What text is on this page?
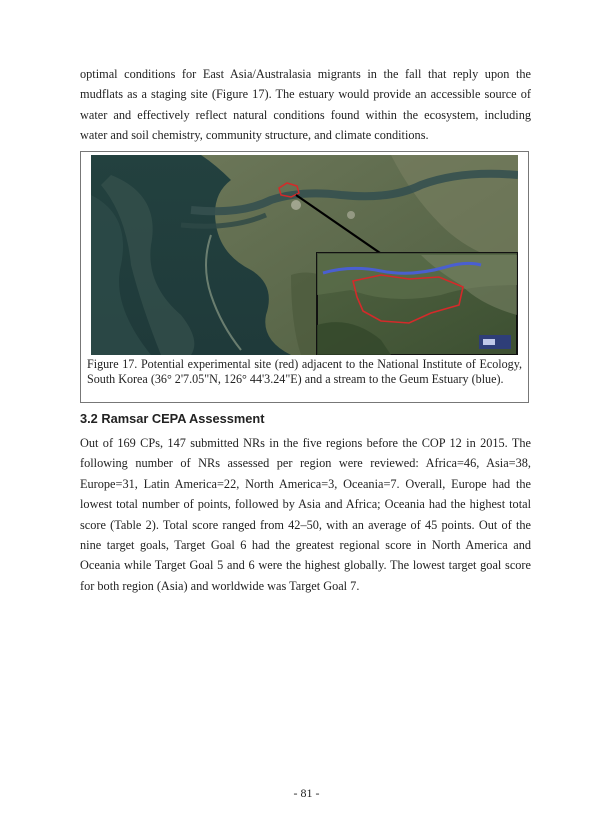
optimal conditions for East Asia/Australasia migrants in the fall that reply upon the mudflats as a staging site (Figure 17). The estuary would provide an accessible source of water and effectively reflect natural conditions found within the ecosystem, including water and soil chemistry, community structure, and climate conditions.

Figure 17. Potential experimental site (red) adjacent to the National Institute of Ecology, South Korea (36° 2'7.05"N, 126° 44'3.24"E) and a stream to the Geum Estuary (blue).

3.2 Ramsar CEPA Assessment

Out of 169 CPs, 147 submitted NRs in the five regions before the COP 12 in 2015. The following number of NRs assessed per region were reviewed: Africa=46, Asia=38, Europe=31, Latin America=22, North America=3, Oceania=7. Overall, Europe had the lowest total number of points, followed by Asia and Africa; Oceania had the highest total score (Table 2). Total score ranged from 42–50, with an average of 45 points. Out of the nine target goals, Target Goal 6 had the greatest regional score in North America and Oceania while Target Goal 5 and 6 were the highest globally. The lowest target goal score for both region (Asia) and worldwide was Target Goal 7.

- 81 -
